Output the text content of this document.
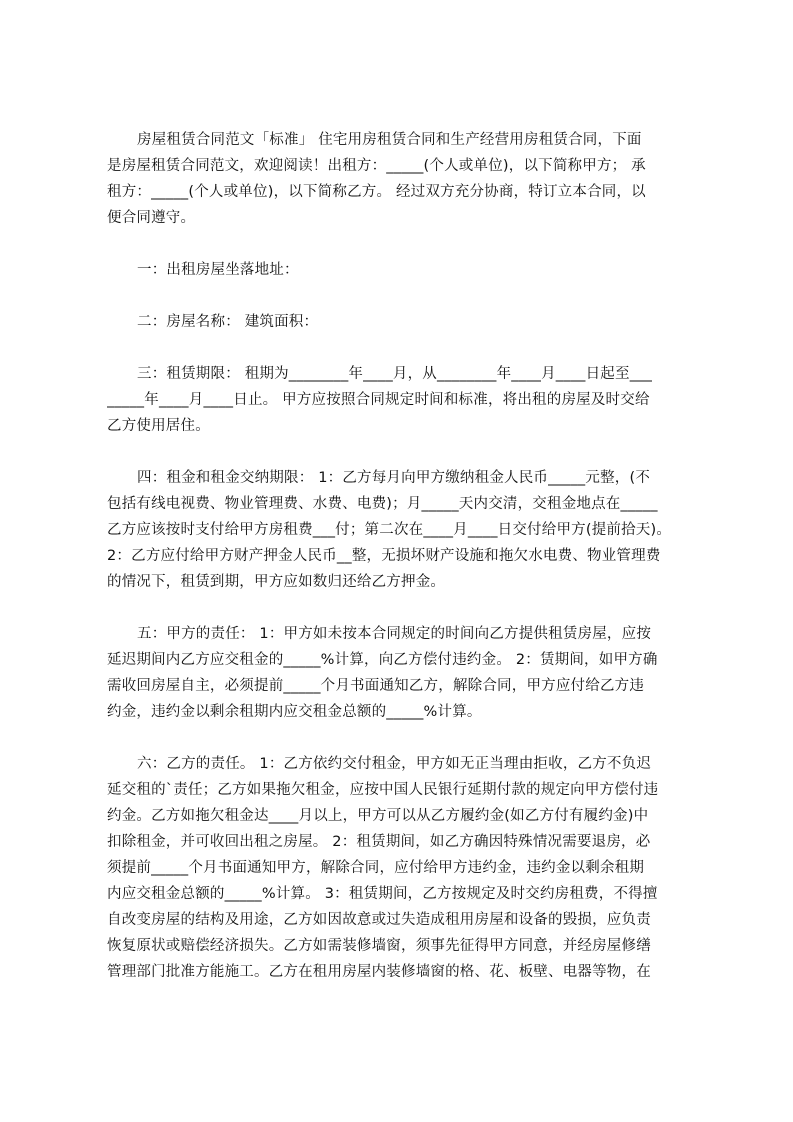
房屋租赁合同范文「标准」 住宅用房租赁合同和生产经营用房租赁合同，下面
是房屋租赁合同范文，欢迎阅读！出租方：_____(个人或单位)，以下简称甲方； 承
租方：_____(个人或单位)，以下简称乙方。 经过双方充分协商，特订立本合同，以
便合同遵守。
一：出租房屋坐落地址：
二：房屋名称： 建筑面积：
三：租赁期限： 租期为________年____月，从________年____月____日起至___
_____年____月____日止。 甲方应按照合同规定时间和标准，将出租的房屋及时交给
乙方使用居住。
四：租金和租金交纳期限： 1：乙方每月向甲方缴纳租金人民币_____元整，(不
包括有线电视费、物业管理费、水费、电费)；月_____天内交清，交租金地点在_____
乙方应该按时支付给甲方房租费___付；第二次在____月____日交付给甲方(提前拾天)。
2：乙方应付给甲方财产押金人民币__整，无损坏财产设施和拖欠水电费、物业管理费
的情况下，租赁到期，甲方应如数归还给乙方押金。
五：甲方的责任： 1：甲方如未按本合同规定的时间向乙方提供租赁房屋，应按
延迟期间内乙方应交租金的_____%计算，向乙方偿付违约金。 2：赁期间，如甲方确
需收回房屋自主，必须提前_____个月书面通知乙方，解除合同，甲方应付给乙方违
约金，违约金以剩余租期内应交租金总额的_____%计算。
六：乙方的责任。 1：乙方依约交付租金，甲方如无正当理由拒收，乙方不负迟
延交租的`责任；乙方如果拖欠租金，应按中国人民银行延期付款的规定向甲方偿付违
约金。乙方如拖欠租金达____月以上，甲方可以从乙方履约金(如乙方付有履约金)中
扣除租金，并可收回出租之房屋。 2：租赁期间，如乙方确因特殊情况需要退房，必
须提前_____个月书面通知甲方，解除合同，应付给甲方违约金，违约金以剩余租期
内应交租金总额的_____%计算。 3：租赁期间，乙方按规定及时交约房租费，不得擅
自改变房屋的结构及用途，乙方如因故意或过失造成租用房屋和设备的毁损，应负责
恢复原状或赔偿经济损失。乙方如需装修墙窗，须事先征得甲方同意，并经房屋修缮
管理部门批准方能施工。乙方在租用房屋内装修墙窗的格、花、板壁、电器等物，在
